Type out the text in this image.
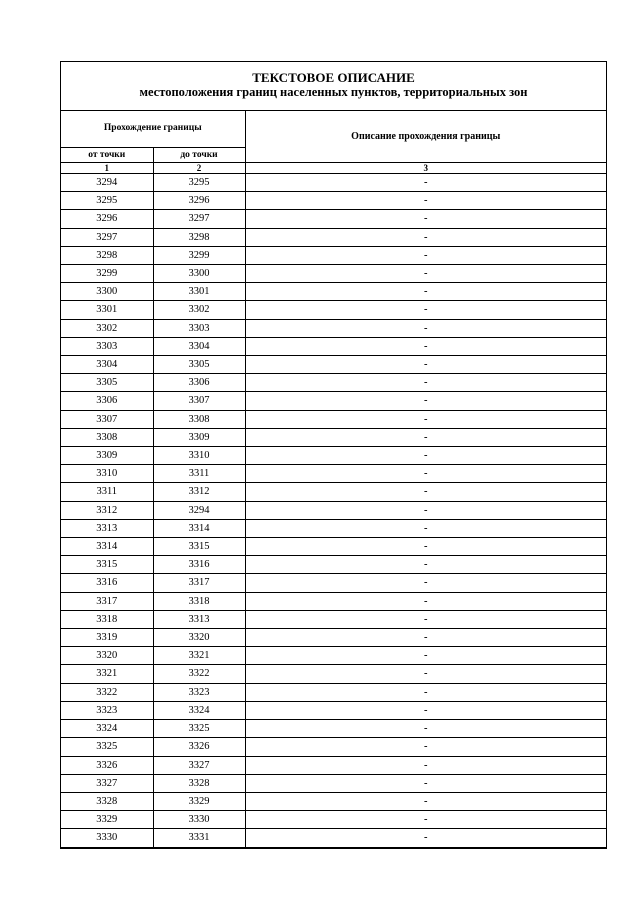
ТЕКСТОВОЕ ОПИСАНИЕ
местоположения границ населенных пунктов, территориальных зон
Прохождение границы		Описание прохождения границы
от точки	до точки	
1	2	3
3294	3295	-
3295	3296	-
3296	3297	-
3297	3298	-
3298	3299	-
3299	3300	-
3300	3301	-
3301	3302	-
3302	3303	-
3303	3304	-
3304	3305	-
3305	3306	-
3306	3307	-
3307	3308	-
3308	3309	-
3309	3310	-
3310	3311	-
3311	3312	-
3312	3294	-
3313	3314	-
3314	3315	-
3315	3316	-
3316	3317	-
3317	3318	-
3318	3313	-
3319	3320	-
3320	3321	-
3321	3322	-
3322	3323	-
3323	3324	-
3324	3325	-
3325	3326	-
3326	3327	-
3327	3328	-
3328	3329	-
3329	3330	-
3330	3331	-
